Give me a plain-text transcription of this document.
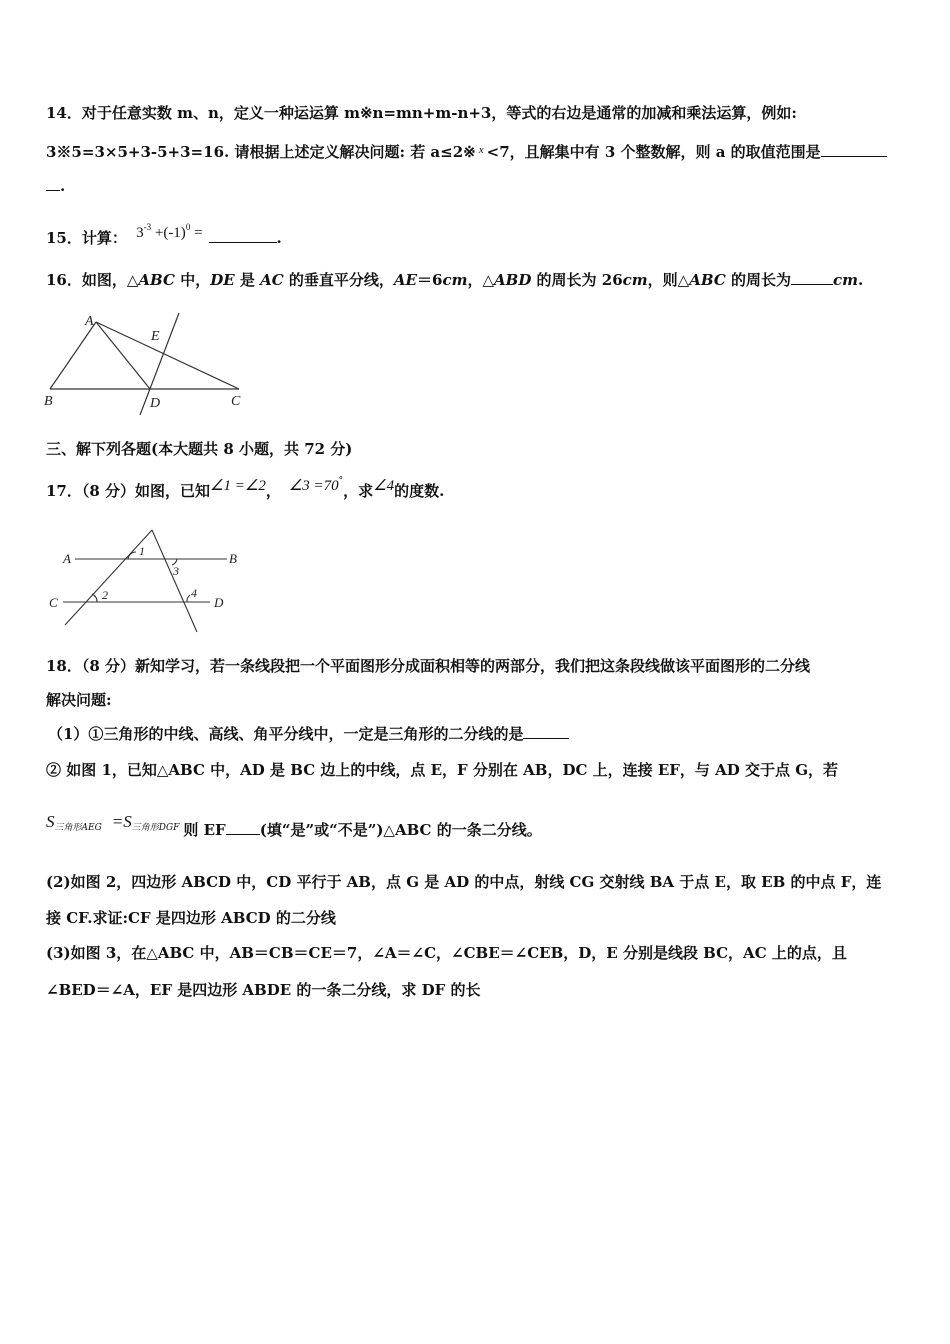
14．对于任意实数 m、n，定义一种运运算 m※n=mn+m‐n+3，等式的右边是通常的加减和乘法运算，例如:
3※5=3×5+3‐5+3=16. 请根据上述定义解决问题: 若 a≤2※ $^x$ <7，且解集中有 3 个整数解，则 a 的取值范围是
.
15．计算： $3^{‐3}$ +(‐1)$^0$ =	.
16．如图，△ABC 中，DE 是 AC 的垂直平分线，AE＝6cm，△ABD 的周长为 26cm，则△ABC 的周长为	cm.
A
E
B	D	C
三、解下列各题(本大题共 8 小题，共 72 分)
17．（8 分）如图，已知∠1 =∠2， ∠3 =70°，求∠4的度数.
A	B
C	D
1
2
3
4
18．（8 分）新知学习，若一条线段把一个平面图形分成面积相等的两部分，我们把这条段线做该平面图形的二分线
解决问题:
（1）①三角形的中线、高线、角平分线中，一定是三角形的二分线的是
② 如图 1，已知△ABC 中，AD 是 BC 边上的中线，点 E，F 分别在 AB，DC 上，连接 EF，与 AD 交于点 G，若
$S^{三角形AEG} =S^{三角形DGF}$ 则 EF (填“是”或“不是”)△ABC 的一条二分线。
(2)如图 2，四边形 ABCD 中，CD 平行于 AB，点 G 是 AD 的中点，射线 CG 交射线 BA 于点 E，取 EB 的中点 F，连
接 CF.求证:CF 是四边形 ABCD 的二分线
(3)如图 3，在△ABC 中，AB＝CB＝CE＝7，∠A＝∠C，∠CBE＝∠CEB，D，E 分别是线段 BC，AC 上的点，且
∠BED＝∠A，EF 是四边形 ABDE 的一条二分线，求 DF 的长
